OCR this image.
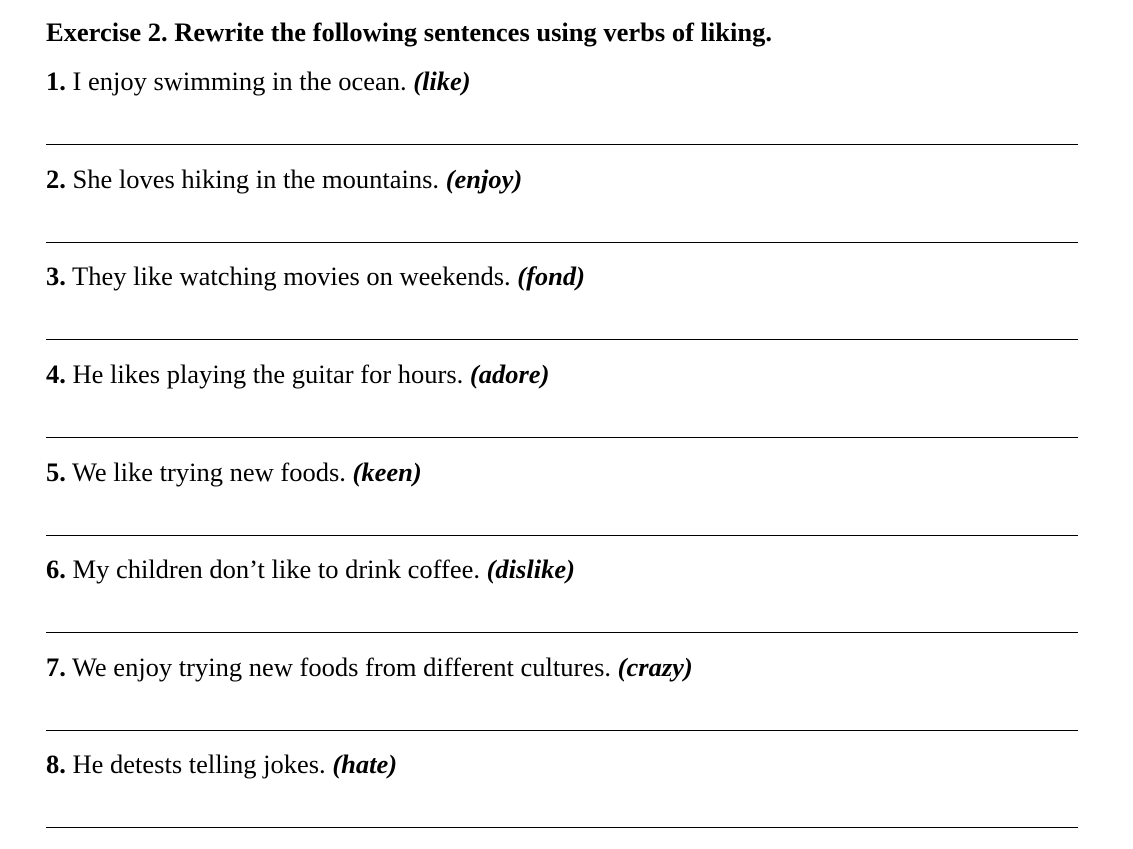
Exercise 2. Rewrite the following sentences using verbs of liking.
1. I enjoy swimming in the ocean. (like)
2. She loves hiking in the mountains. (enjoy)
3. They like watching movies on weekends. (fond)
4. He likes playing the guitar for hours. (adore)
5. We like trying new foods. (keen)
6. My children don’t like to drink coffee. (dislike)
7. We enjoy trying new foods from different cultures. (crazy)
8. He detests telling jokes. (hate)
